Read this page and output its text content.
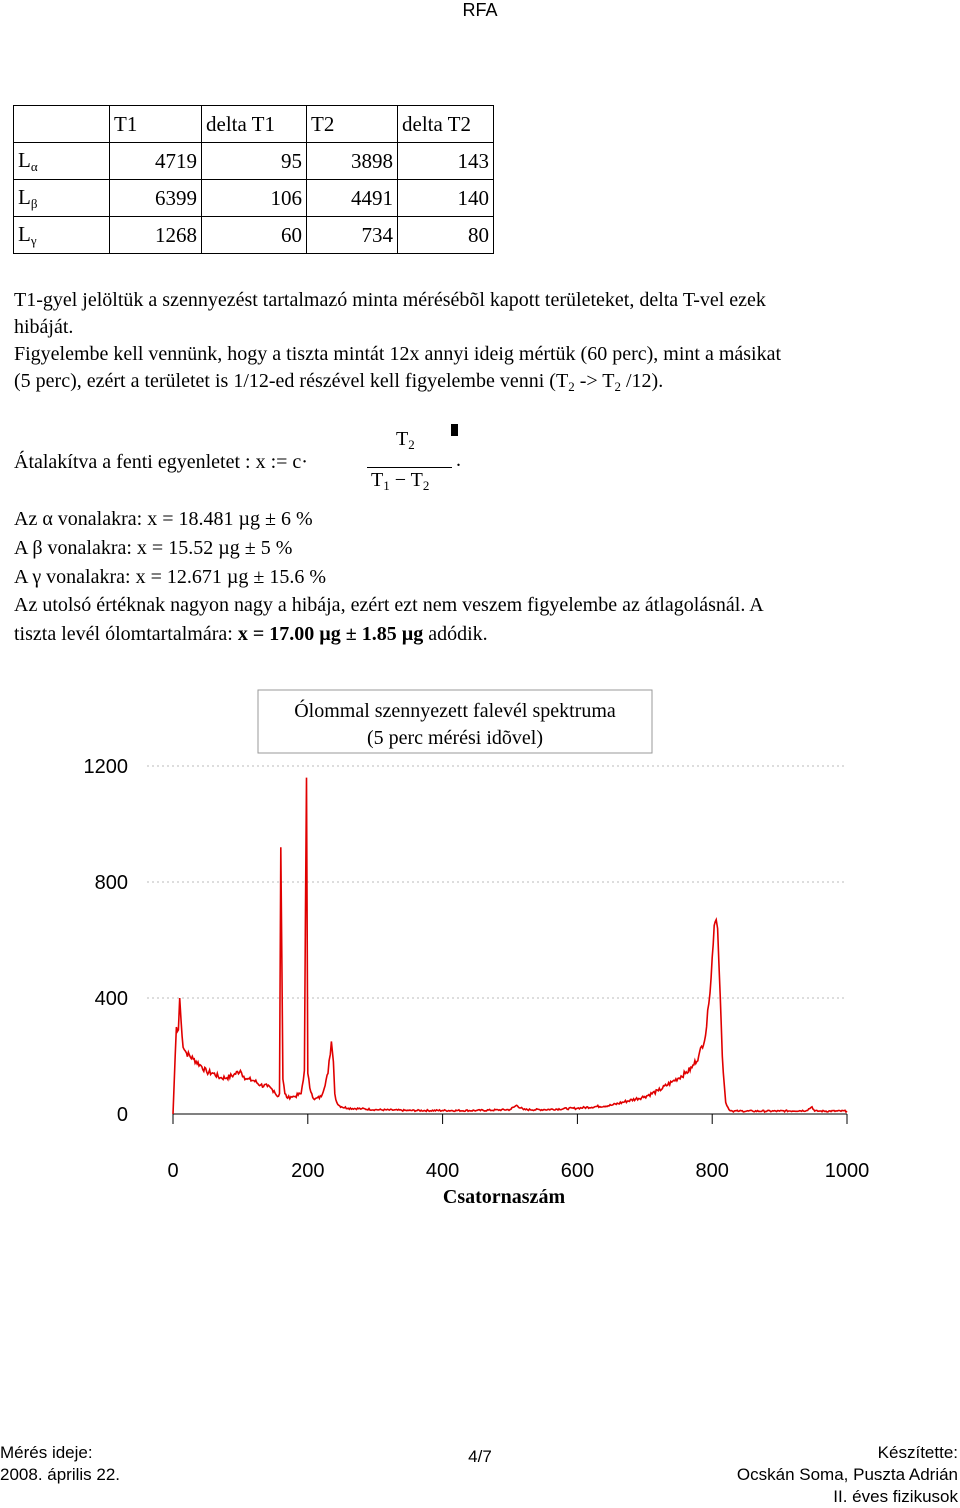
RFA
	T1	delta T1	T2	delta T2
$L_\alpha$	4719	95	3898	143
$L_\beta$	6399	106	4491	140
$L_\gamma$	1268	60	734	80
T1-gyel jelöltük a szennyezést tartalmazó minta mérésébõl kapott területeket, delta T-vel ezek
hibáját.
Figyelembe kell vennünk, hogy a tiszta mintát 12x annyi ideig mértük (60 perc), mint a másikat
(5 perc), ezért a területet is 1/12-ed részével kell figyelembe venni ($T_2 -> T_2$ /12).
Átalakítva a fenti egyenletet : x := c·
$T_2$
$T_1 - T_2$
.
Az α vonalakra: x = 18.481 µg ± 6 %
A β vonalakra: x = 15.52 µg ± 5 %
A γ vonalakra: x = 12.671 µg ± 15.6 %
Az utolsó értéknak nagyon nagy a hibája, ezért ezt nem veszem figyelembe az átlagolásnál. A
tiszta levél ólomtartalmára: x = 17.00 µg ± 1.85 µg adódik.
0	200	400	600	800	1000
0
400
800
1200
Ólommal szennyezett falevél spektruma
(5 perc mérési idõvel)
Csatornaszám
Mérés ideje:
2008. április 22.
4/7	Készítette:
Ocskán Soma, Puszta Adrián
II. éves fizikusok
